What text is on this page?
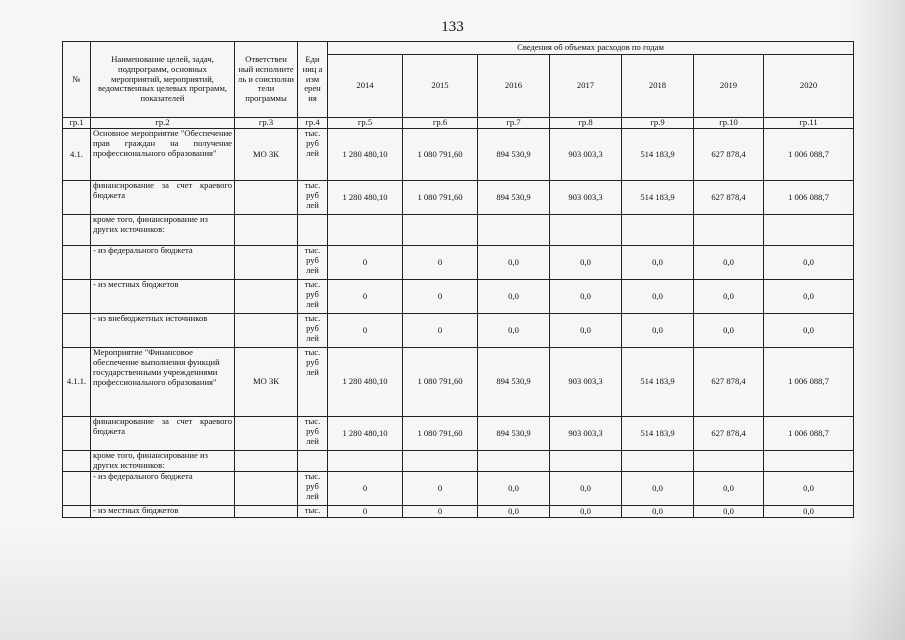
133
№	Наименование целей, задач, подпрограмм, основных мероприятий, мероприятий, ведомственных целевых программ, показателей	Ответствен ный исполните ль и соисполни тели программы	Еди ниц а изм ерен ия	Сведения об объемах расходов по годам						
				2014	2015	2016	2017	2018	2019	2020
гр.1	гр.2	гр.3	гр.4	гр.5	гр.6	гр.7	гр.8	гр.9	гр.10	гр.11
4.1.	Основное мероприятие "Обеспечение прав граждан на получение профессионального образования"	МО ЗК	тыс. руб лей	1 280 480,10	1 080 791,60	894 530,9	903 003,3	514 183,9	627 878,4	1 006 088,7
	финансирование за счет краевого бюджета		тыс. руб лей	1 280 480,10	1 080 791,60	894 530,9	903 003,3	514 183,9	627 878,4	1 006 088,7
	кроме того, финансирование из других источников:									
	- из федерального бюджета		тыс. руб лей	0	0	0,0	0,0	0,0	0,0	0,0
	- из местных бюджетов		тыс. руб лей	0	0	0,0	0,0	0,0	0,0	0,0
	- из внебюджетных источников		тыс. руб лей	0	0	0,0	0,0	0,0	0,0	0,0
4.1.1.	Мероприятие "Финансовое обеспечение выполнения функций государственными учреждениями профессионального образования"	МО ЗК	тыс. руб лей	1 280 480,10	1 080 791,60	894 530,9	903 003,3	514 183,9	627 878,4	1 006 088,7
	финансирование за счет краевого бюджета		тыс. руб лей	1 280 480,10	1 080 791,60	894 530,9	903 003,3	514 183,9	627 878,4	1 006 088,7
	кроме того, финансирование из других источников:									
	- из федерального бюджета		тыс. руб лей	0	0	0,0	0,0	0,0	0,0	0,0
	- из местных бюджетов		тыс.	0	0	0,0	0,0	0,0	0,0	0,0
